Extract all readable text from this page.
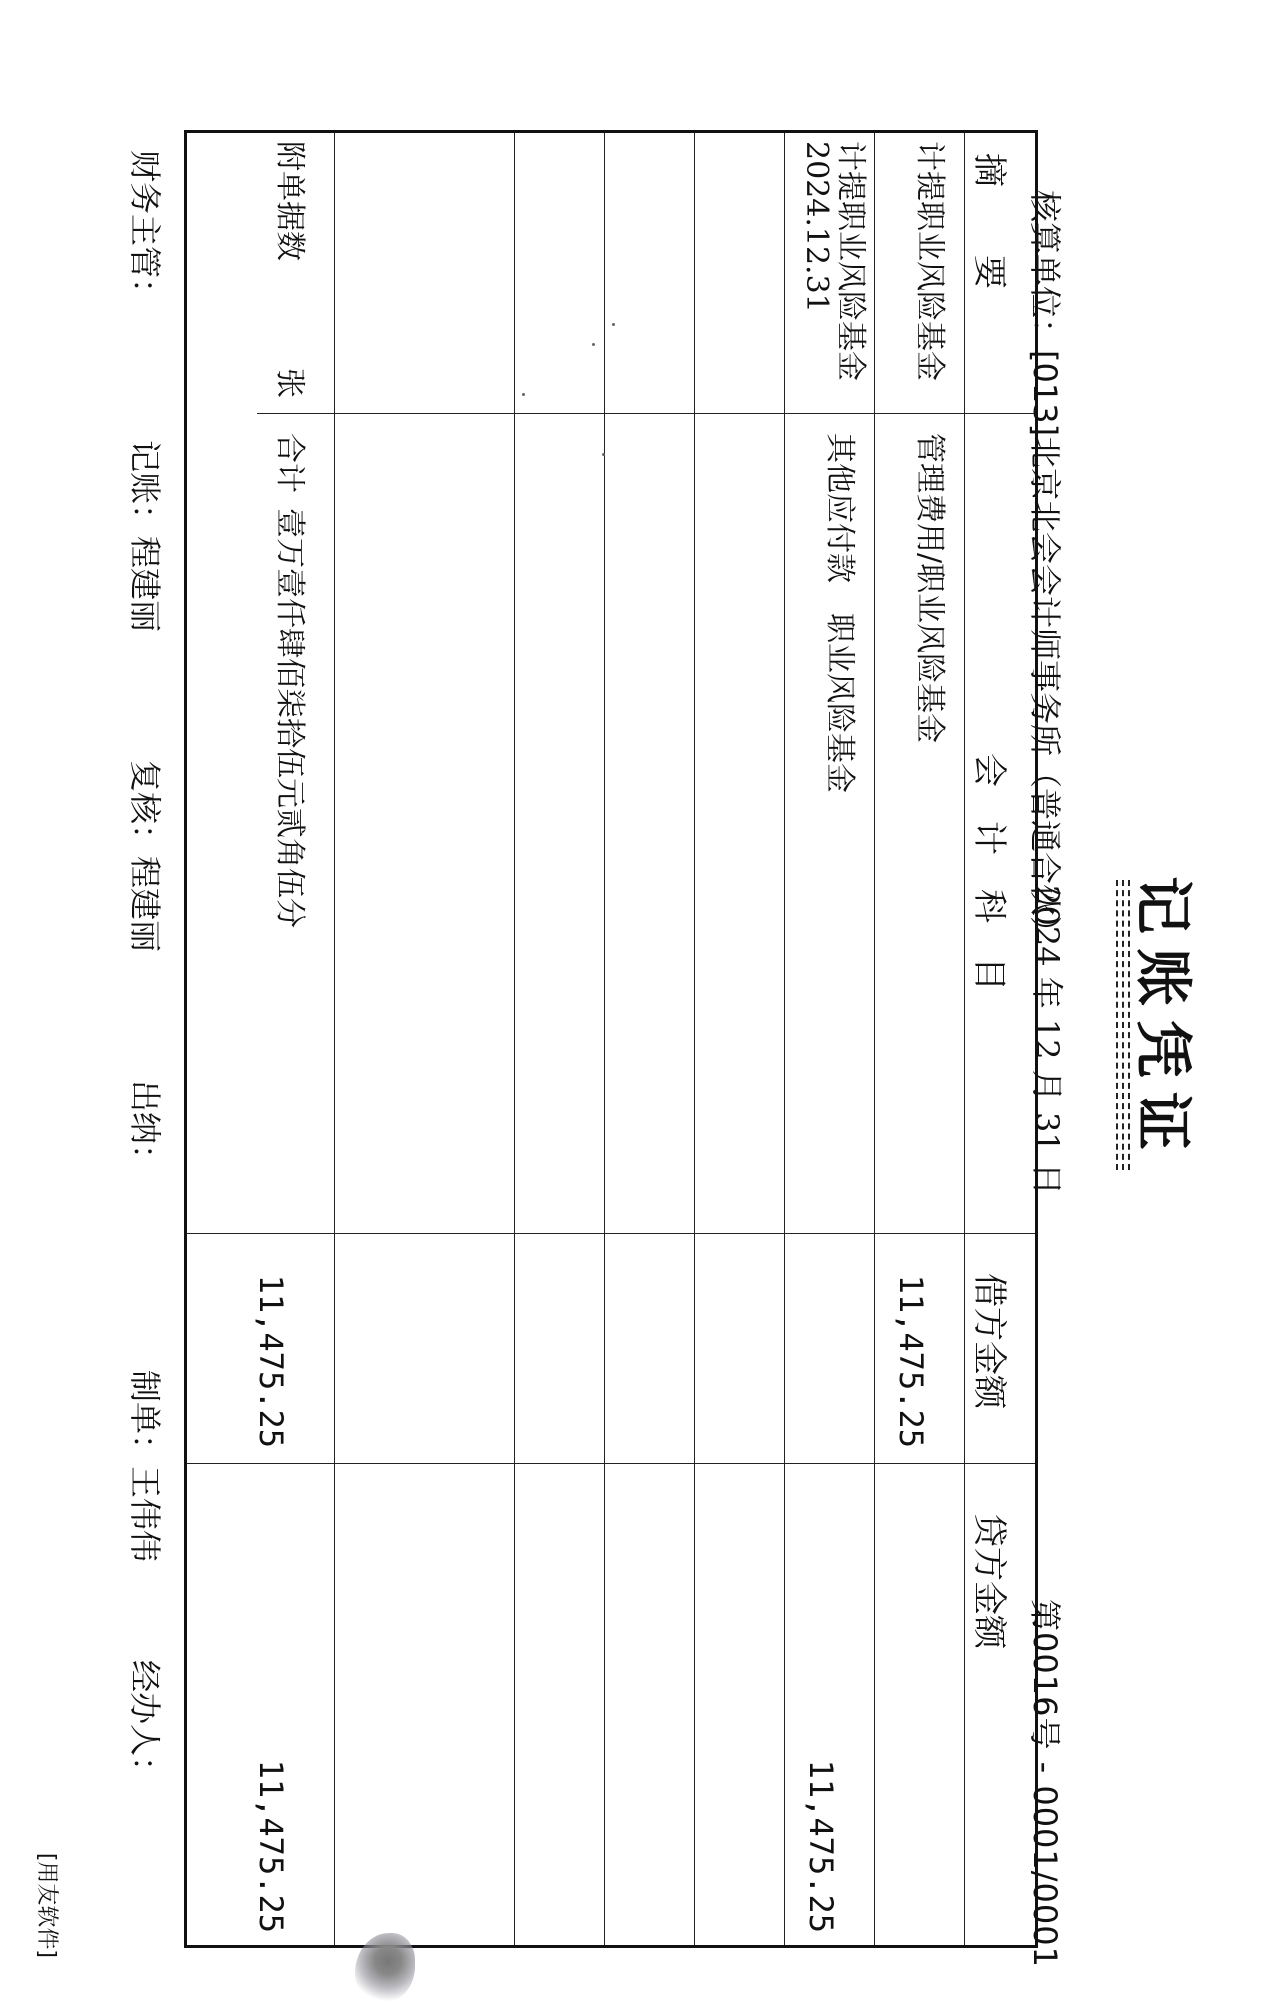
记账凭证
2024 年 12 月 31 日
第0016号 - 0001/0001
核算单位：[013]北京北会会计师事务所（普通合伙）
摘　　要
会　计　科　目
借方金额
贷方金额
计提职业风险基金
管理费用/职业风险基金
11,475.25
计提职业风险基金2024.12.31
其他应付款　职业风险基金
11,475.25
附单据数
张
合计
壹万壹仟肆佰柒拾伍元贰角伍分
11,475.25
11,475.25
财务主管：
记账：程建丽
复核：程建丽
出纳：
制单：王伟伟
经办人：
[用友软件]
